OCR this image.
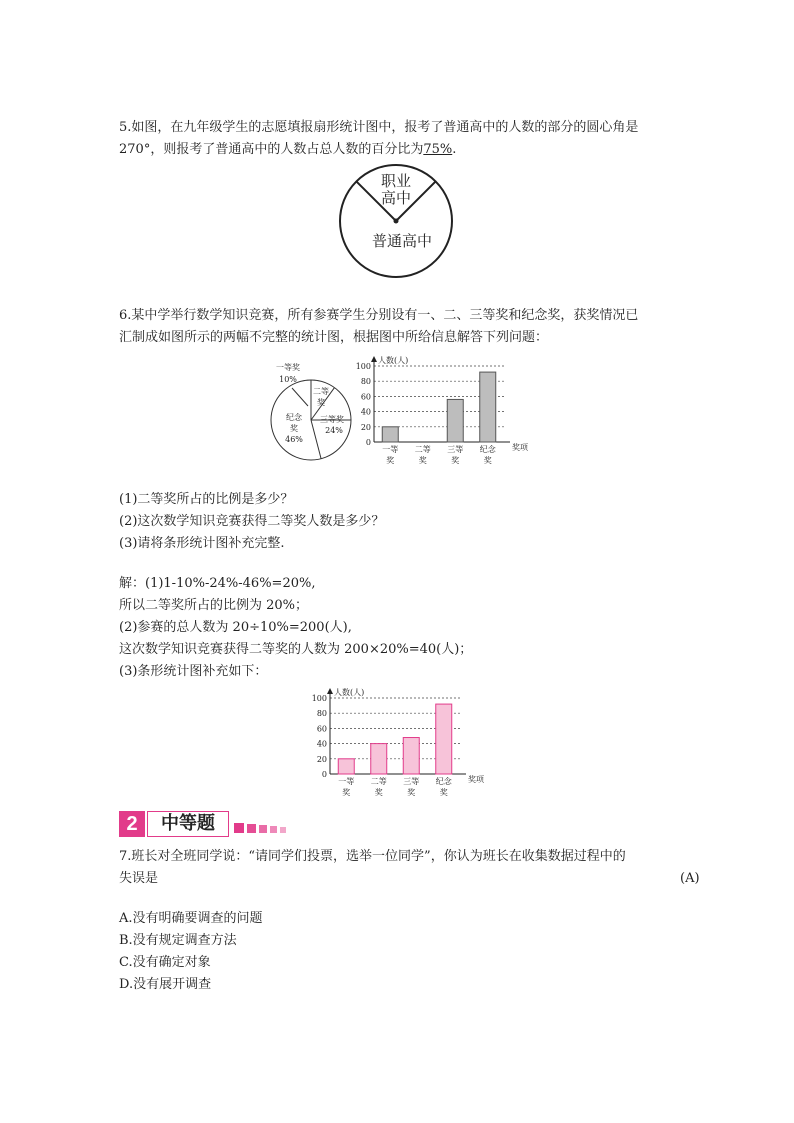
5.如图，在九年级学生的志愿填报扇形统计图中，报考了普通高中的人数的部分的圆心角是
270°，则报考了普通高中的人数占总人数的百分比为75%.
职业
高中
普通高中
6.某中学举行数学知识竞赛，所有参赛学生分别设有一、二、三等奖和纪念奖，获奖情况已
汇制成如图所示的两幅不完整的统计图，根据图中所给信息解答下列问题：
一等奖
10%
二等
奖
三等奖
24%
纪念
奖
46%	0
20
40
60
80
100
人数(人)
奖项
一等
奖
二等
奖
三等
奖
纪念
奖
(1)二等奖所占的比例是多少？
(2)这次数学知识竞赛获得二等奖人数是多少？
(3)请将条形统计图补充完整.
解：(1)1-10%-24%-46%=20%,
所以二等奖所占的比例为 20%；
(2)参赛的总人数为 20÷10%=200(人),
这次数学知识竞赛获得二等奖的人数为 200×20%=40(人)；
(3)条形统计图补充如下：
0
20
40
60
80
100
人数(人)
奖项
一等
奖
二等
奖
三等
奖
纪念
奖
2	中等题
7.班长对全班同学说：“请同学们投票，选举一位同学”，你认为班长在收集数据过程中的
失误是	(A)
A.没有明确要调查的问题
B.没有规定调查方法
C.没有确定对象
D.没有展开调查
